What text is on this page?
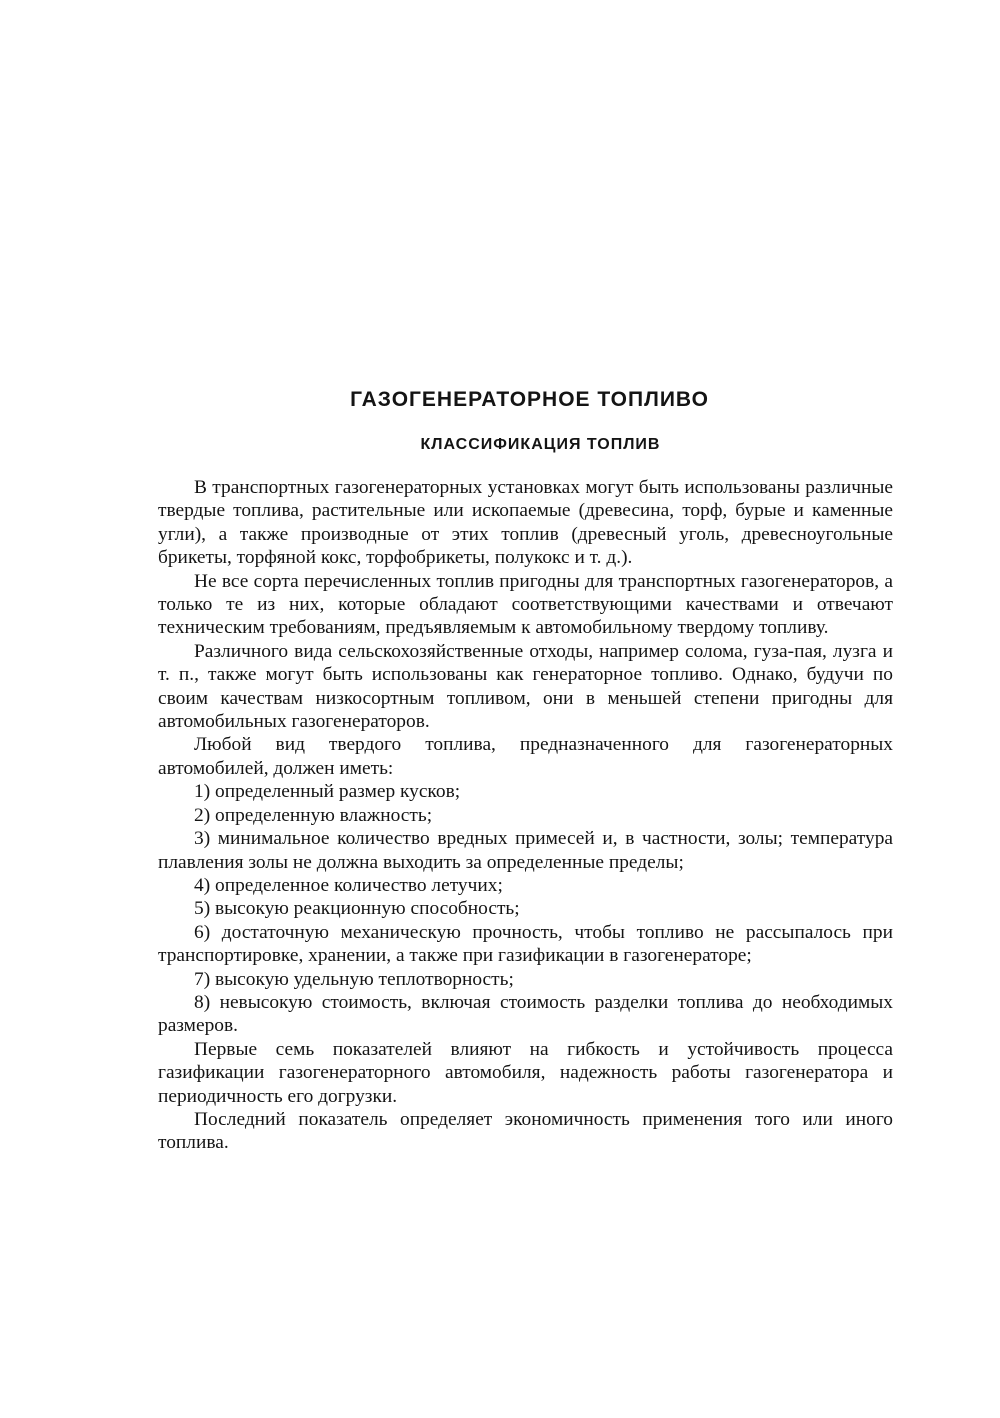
ГАЗОГЕНЕРАТОРНОЕ ТОПЛИВО
КЛАССИФИКАЦИЯ ТОПЛИВ

В транспортных газогенераторных установках могут быть использованы различные твердые топлива, растительные или ископаемые (древесина, торф, бурые и каменные угли), а также производные от этих топлив (древесный уголь, древесноугольные брикеты, торфяной кокс, торфобрикеты, полукокс и т. д.).

Не все сорта перечисленных топлив пригодны для транспортных газогенераторов, а только те из них, которые обладают соответствующими качествами и отвечают техническим требованиям, предъявляемым к автомобильному твердому топливу.

Различного вида сельскохозяйственные отходы, например солома, гуза-пая, лузга и т. п., также могут быть использованы как генераторное топливо. Однако, будучи по своим качествам низкосортным топливом, они в меньшей степени пригодны для автомобильных газогенераторов.

Любой вид твердого топлива, предназначенного для газогенераторных автомобилей, должен иметь:

1) определенный размер кусков;

2) определенную влажность;

3) минимальное количество вредных примесей и, в частности, золы; температура плавления золы не должна выходить за определенные пределы;

4) определенное количество летучих;

5) высокую реакционную способность;

6) достаточную механическую прочность, чтобы топливо не рассыпалось при транспортировке, хранении, а также при газификации в газогенераторе;

7) высокую удельную теплотворность;

8) невысокую стоимость, включая стоимость разделки топлива до необходимых размеров.

Первые семь показателей влияют на гибкость и устойчивость процесса газификации газогенераторного автомобиля, надежность работы газогенератора и периодичность его догрузки.

Последний показатель определяет экономичность применения того или иного топлива.
